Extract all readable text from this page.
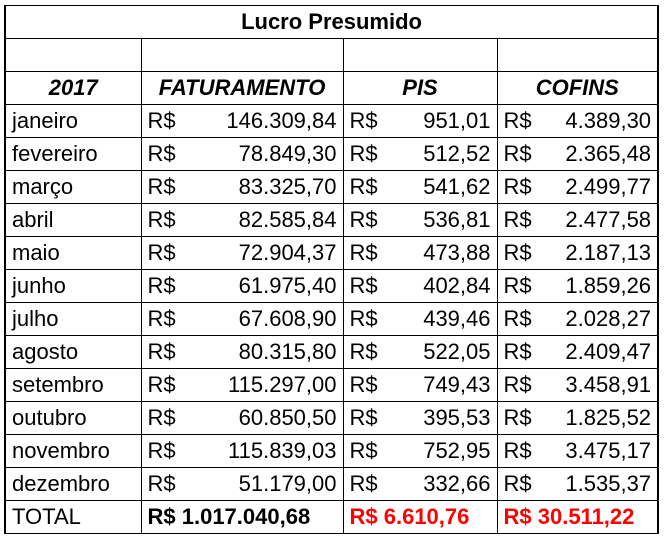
Lucro Presumido			

2017	FATURAMENTO	PIS	COFINS
janeiro	R$ 146.309,84	R$ 951,01	R$ 4.389,30

fevereiro	R$ 78.849,30	R$ 512,52	R$ 2.365,48

março	R$ 83.325,70	R$ 541,62	R$ 2.499,77

abril	R$ 82.585,84	R$ 536,81	R$ 2.477,58

maio	R$ 72.904,37	R$ 473,88	R$ 2.187,13

junho	R$ 61.975,40	R$ 402,84	R$ 1.859,26

julho	R$ 67.608,90	R$ 439,46	R$ 2.028,27

agosto	R$ 80.315,80	R$ 522,05	R$ 2.409,47

setembro	R$ 115.297,00	R$ 749,43	R$ 3.458,91

outubro	R$ 60.850,50	R$ 395,53	R$ 1.825,52

novembro	R$ 115.839,03	R$ 752,95	R$ 3.475,17

dezembro	R$ 51.179,00	R$ 332,66	R$ 1.535,37

TOTAL	R$ 1.017.040,68	R$ 6.610,76	R$ 30.511,22
